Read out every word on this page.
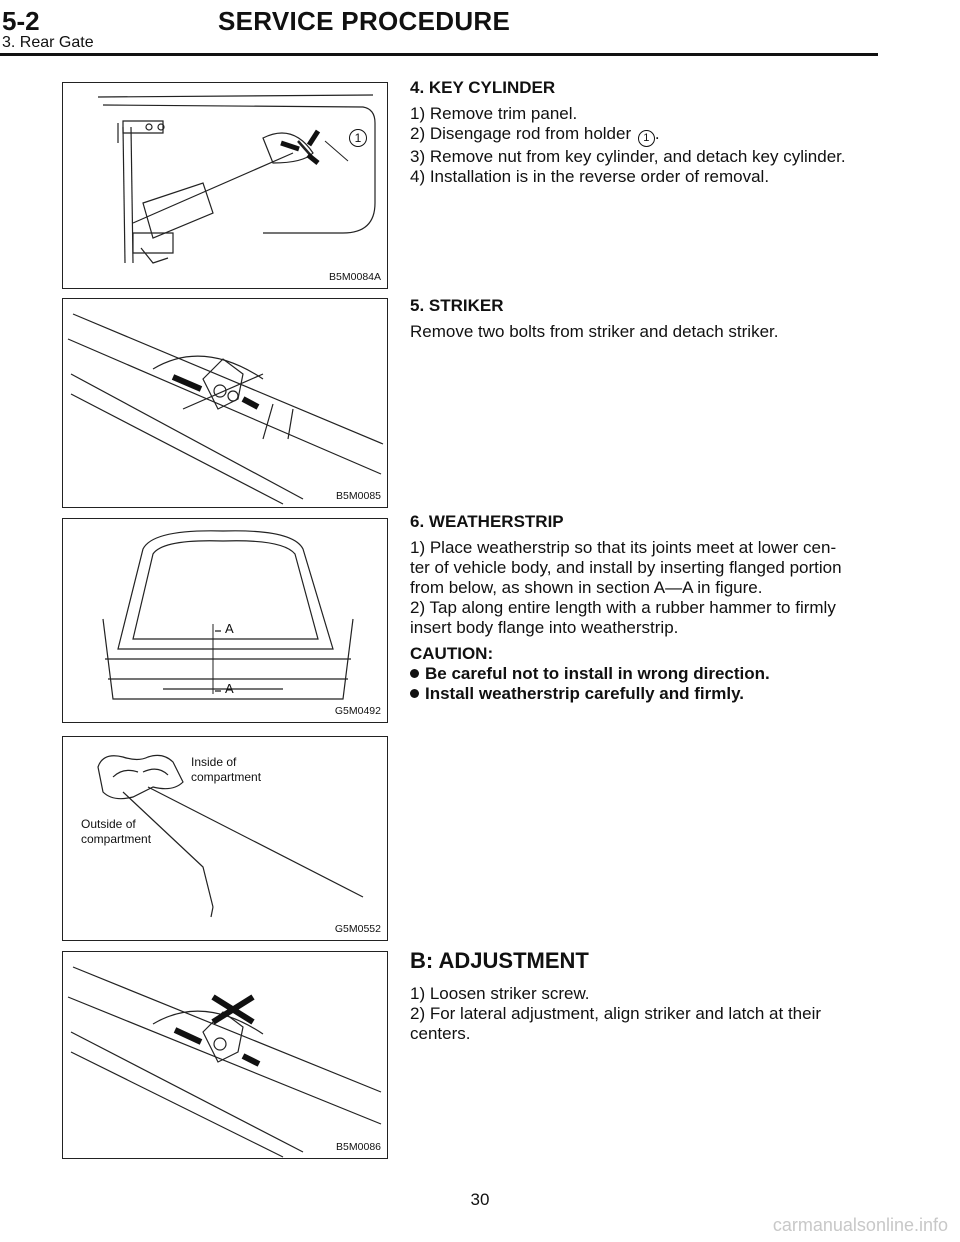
5-2	SERVICE PROCEDURE
3. Rear Gate
1
B5M0084A
B5M0085
A
A
G5M0492
Inside of
compartment
Outside of
compartment
G5M0552
B5M0086
4. KEY CYLINDER

1) Remove trim panel.

2) Disengage rod from holder 1 .

3) Remove nut from key cylinder, and detach key cylinder.

4) Installation is in the reverse order of removal.

5. STRIKER

Remove two bolts from striker and detach striker.

6. WEATHERSTRIP

1) Place weatherstrip so that its joints meet at lower cen-

ter of vehicle body, and install by inserting flanged portion

from below, as shown in section A—A in figure.

2) Tap along entire length with a rubber hammer to firmly

insert body flange into weatherstrip.

CAUTION:
Be careful not to install in wrong direction.
Install weatherstrip carefully and firmly.
B: ADJUSTMENT

1) Loosen striker screw.

2) For lateral adjustment, align striker and latch at their

centers.

30
carmanualsonline.info
